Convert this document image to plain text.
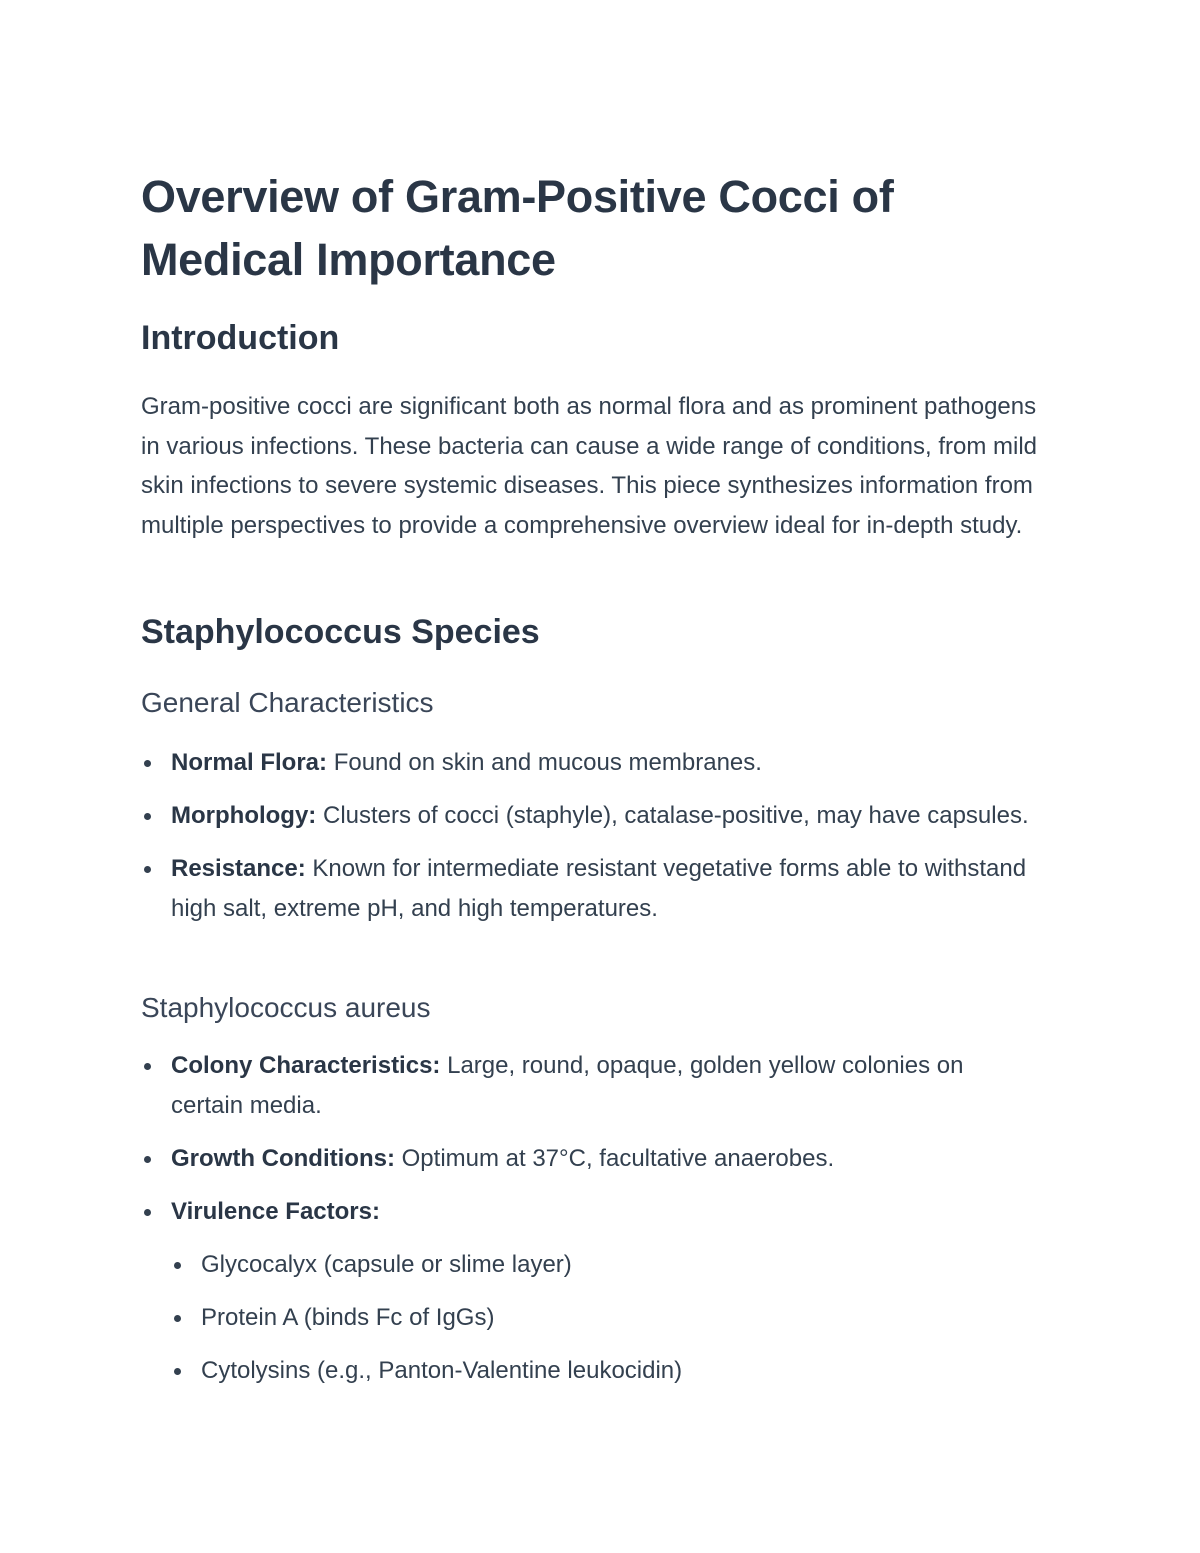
Overview of Gram-Positive Cocci of Medical Importance
Introduction

Gram-positive cocci are significant both as normal flora and as prominent pathogens in various infections. These bacteria can cause a wide range of conditions, from mild skin infections to severe systemic diseases. This piece synthesizes information from multiple perspectives to provide a comprehensive overview ideal for in-depth study.

Staphylococcus Species
General Characteristics
Normal Flora: Found on skin and mucous membranes.
Morphology: Clusters of cocci (staphyle), catalase-positive, may have capsules.
Resistance: Known for intermediate resistant vegetative forms able to withstand high salt, extreme pH, and high temperatures.
Staphylococcus aureus
Colony Characteristics: Large, round, opaque, golden yellow colonies on certain media.
Growth Conditions: Optimum at 37°C, facultative anaerobes.
Virulence Factors:
Glycocalyx (capsule or slime layer)
Protein A (binds Fc of IgGs)
Cytolysins (e.g., Panton-Valentine leukocidin)
